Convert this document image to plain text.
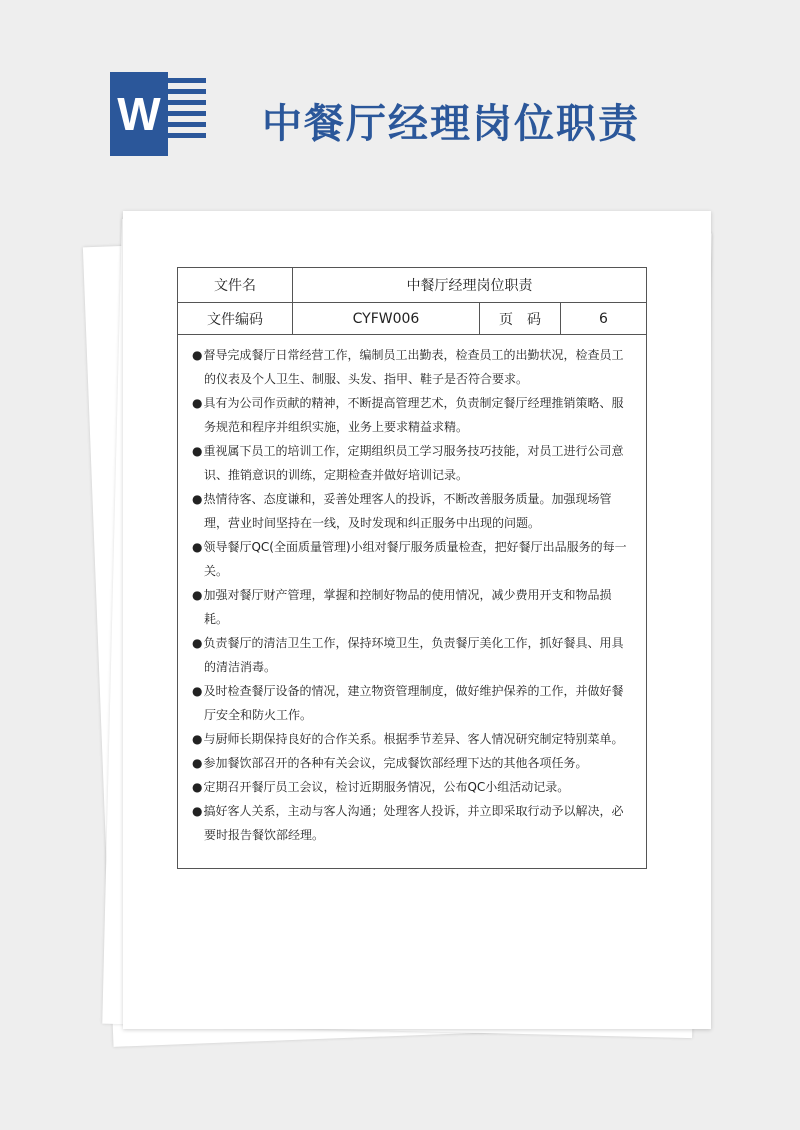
W	中餐厅经理岗位职责
文件名	中餐厅经理岗位职责		
文件编码	CYFW006	页　码	6
●督导完成餐厅日常经营工作，编制员工出勤表，检查员工的出勤状况，检查员工的仪表及个人卫生、制服、头发、指甲、鞋子是否符合要求。
●具有为公司作贡献的精神，不断提高管理艺术，负责制定餐厅经理推销策略、服务规范和程序并组织实施，业务上要求精益求精。
●重视属下员工的培训工作，定期组织员工学习服务技巧技能，对员工进行公司意识、推销意识的训练，定期检查并做好培训记录。
●热情待客、态度谦和，妥善处理客人的投诉，不断改善服务质量。加强现场管理，营业时间坚持在一线，及时发现和纠正服务中出现的问题。
●领导餐厅QC(全面质量管理)小组对餐厅服务质量检查，把好餐厅出品服务的每一关。
●加强对餐厅财产管理，掌握和控制好物品的使用情况，减少费用开支和物品损耗。
●负责餐厅的清洁卫生工作，保持环境卫生，负责餐厅美化工作，抓好餐具、用具的清洁消毒。
●及时检查餐厅设备的情况，建立物资管理制度，做好维护保养的工作，并做好餐厅安全和防火工作。
●与厨师长期保持良好的合作关系。根据季节差异、客人情况研究制定特别菜单。
●参加餐饮部召开的各种有关会议，完成餐饮部经理下达的其他各项任务。
●定期召开餐厅员工会议，检讨近期服务情况，公布QC小组活动记录。
●搞好客人关系，主动与客人沟通；处理客人投诉，并立即采取行动予以解决，必要时报告餐饮部经理。
